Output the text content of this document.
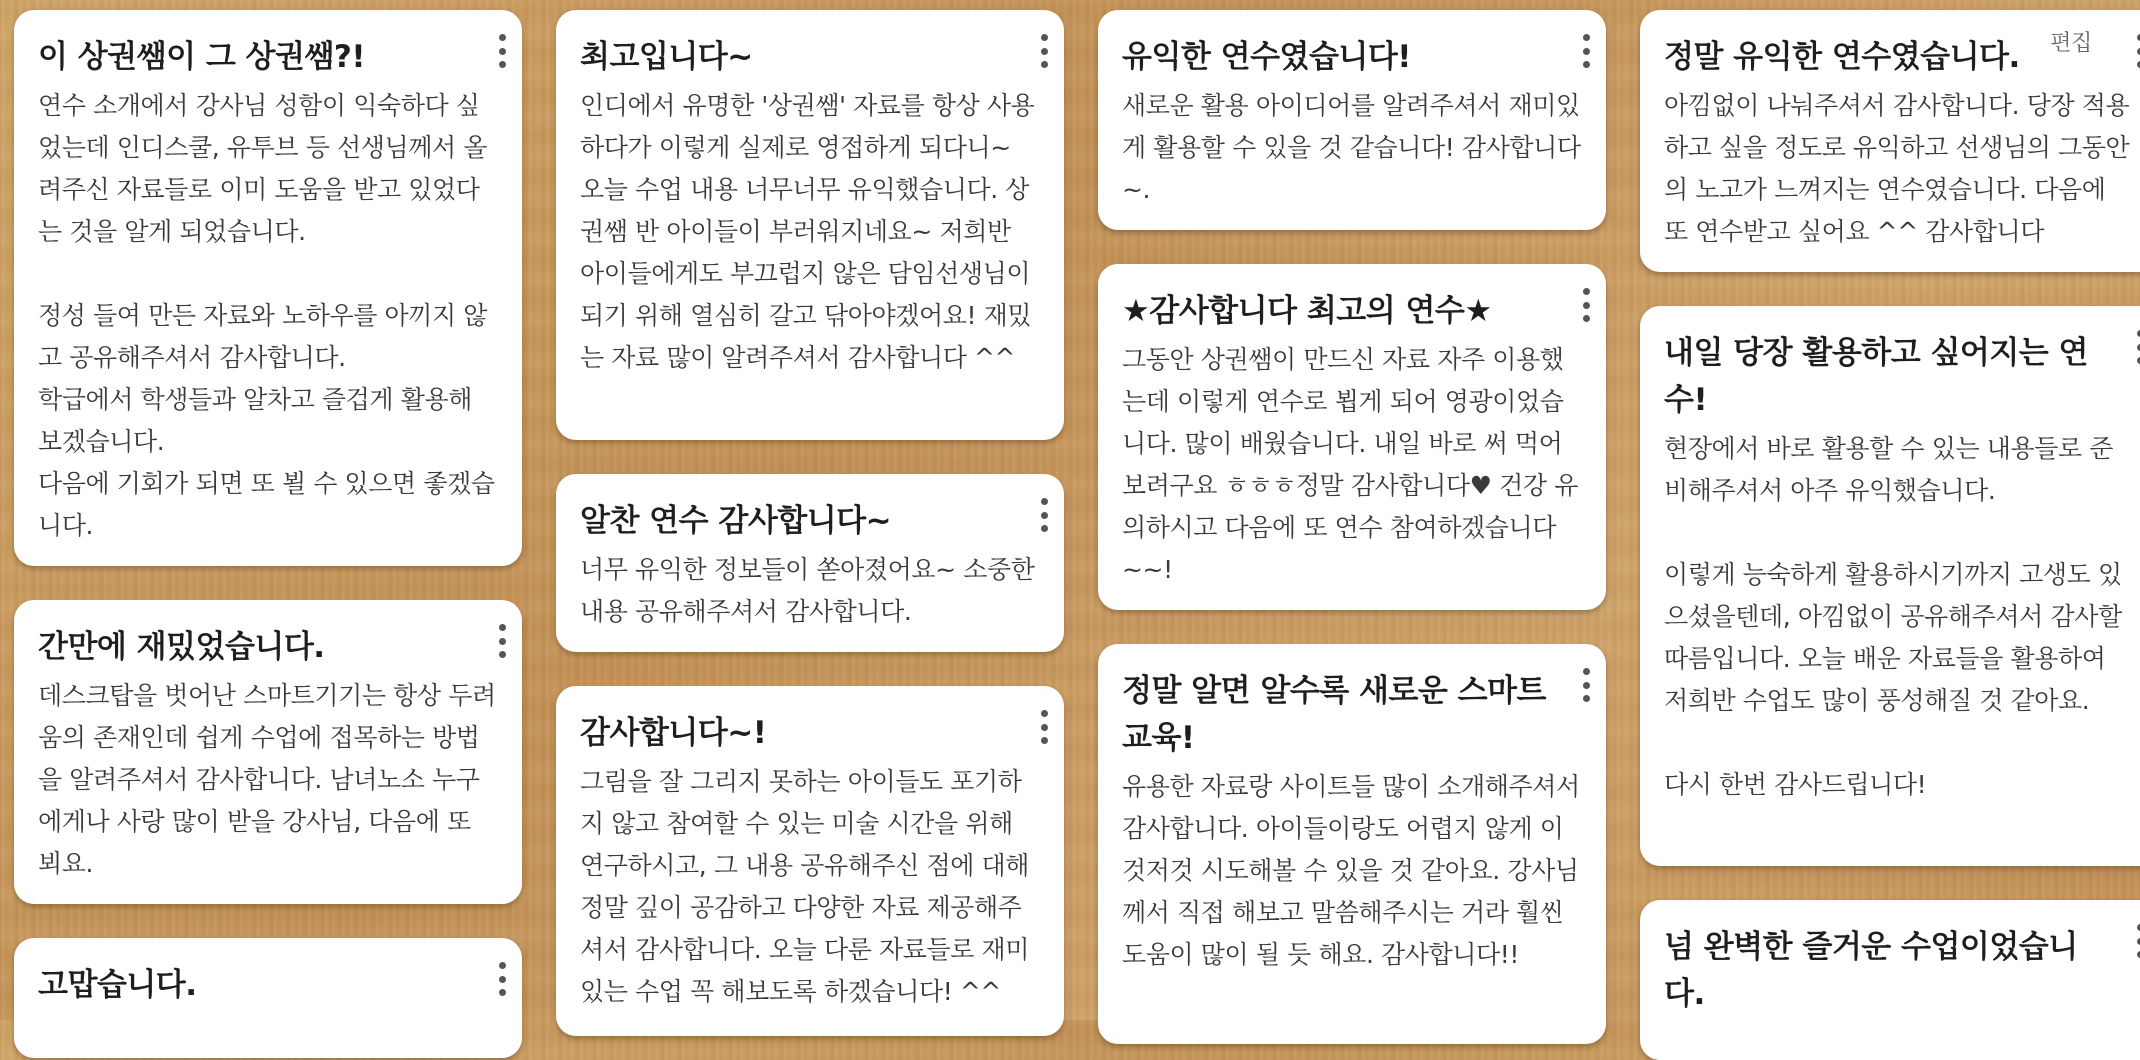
이 상권쌤이 그 상권쌤?!
연수 소개에서 강사님 성함이 익숙하다 싶었는데 인디스쿨, 유투브 등 선생님께서 올려주신 자료들로 이미 도움을 받고 있었다는 것을 알게 되었습니다.

정성 들여 만든 자료와 노하우를 아끼지 않고 공유해주셔서 감사합니다.
학급에서 학생들과 알차고 즐겁게 활용해 보겠습니다.
다음에 기회가 되면 또 뵐 수 있으면 좋겠습니다.
간만에 재밌었습니다.
데스크탑을 벗어난 스마트기기는 항상 두려움의 존재인데 쉽게 수업에 접목하는 방법을 알려주셔서 감사합니다. 남녀노소 누구에게나 사랑 많이 받을 강사님, 다음에 또 뵈요.
고맙습니다.
최고입니다~
인디에서 유명한 '상권쌤' 자료를 항상 사용하다가 이렇게 실제로 영접하게 되다니~ 오늘 수업 내용 너무너무 유익했습니다. 상권쌤 반 아이들이 부러워지네요~ 저희반 아이들에게도 부끄럽지 않은 담임선생님이 되기 위해 열심히 갈고 닦아야겠어요! 재밌는 자료 많이 알려주셔서 감사합니다 ^^
알찬 연수 감사합니다~
너무 유익한 정보들이 쏟아졌어요~ 소중한 내용 공유해주셔서 감사합니다.
감사합니다~!
그림을 잘 그리지 못하는 아이들도 포기하지 않고 참여할 수 있는 미술 시간을 위해 연구하시고, 그 내용 공유해주신 점에 대해 정말 깊이 공감하고 다양한 자료 제공해주셔서 감사합니다. 오늘 다룬 자료들로 재미있는 수업 꼭 해보도록 하겠습니다! ^^
유익한 연수였습니다!
새로운 활용 아이디어를 알려주셔서 재미있게 활용할 수 있을 것 같습니다! 감사합니다~.
★감사합니다 최고의 연수★
그동안 상권쌤이 만드신 자료 자주 이용했는데 이렇게 연수로 뵙게 되어 영광이었습니다. 많이 배웠습니다. 내일 바로 써 먹어보려구요 ㅎㅎㅎ정말 감사합니다♥ 건강 유의하시고 다음에 또 연수 참여하겠습니다~~!
정말 알면 알수록 새로운 스마트 교육!
유용한 자료랑 사이트들 많이 소개해주셔서 감사합니다. 아이들이랑도 어렵지 않게 이것저것 시도해볼 수 있을 것 같아요. 강사님께서 직접 해보고 말씀해주시는 거라 훨씬 도움이 많이 될 듯 해요. 감사합니다!!
정말 유익한 연수였습니다.
아낌없이 나눠주셔서 감사합니다. 당장 적용하고 싶을 정도로 유익하고 선생님의 그동안의 노고가 느껴지는 연수였습니다. 다음에 또 연수받고 싶어요 ^^ 감사합니다
내일 당장 활용하고 싶어지는 연수!
현장에서 바로 활용할 수 있는 내용들로 준비해주셔서 아주 유익했습니다.

이렇게 능숙하게 활용하시기까지 고생도 있으셨을텐데, 아낌없이 공유해주셔서 감사할 따름입니다. 오늘 배운 자료들을 활용하여 저희반 수업도 많이 풍성해질 것 같아요.

다시 한번 감사드립니다!
넘 완벽한 즐거운 수업이었습니다.
편집
